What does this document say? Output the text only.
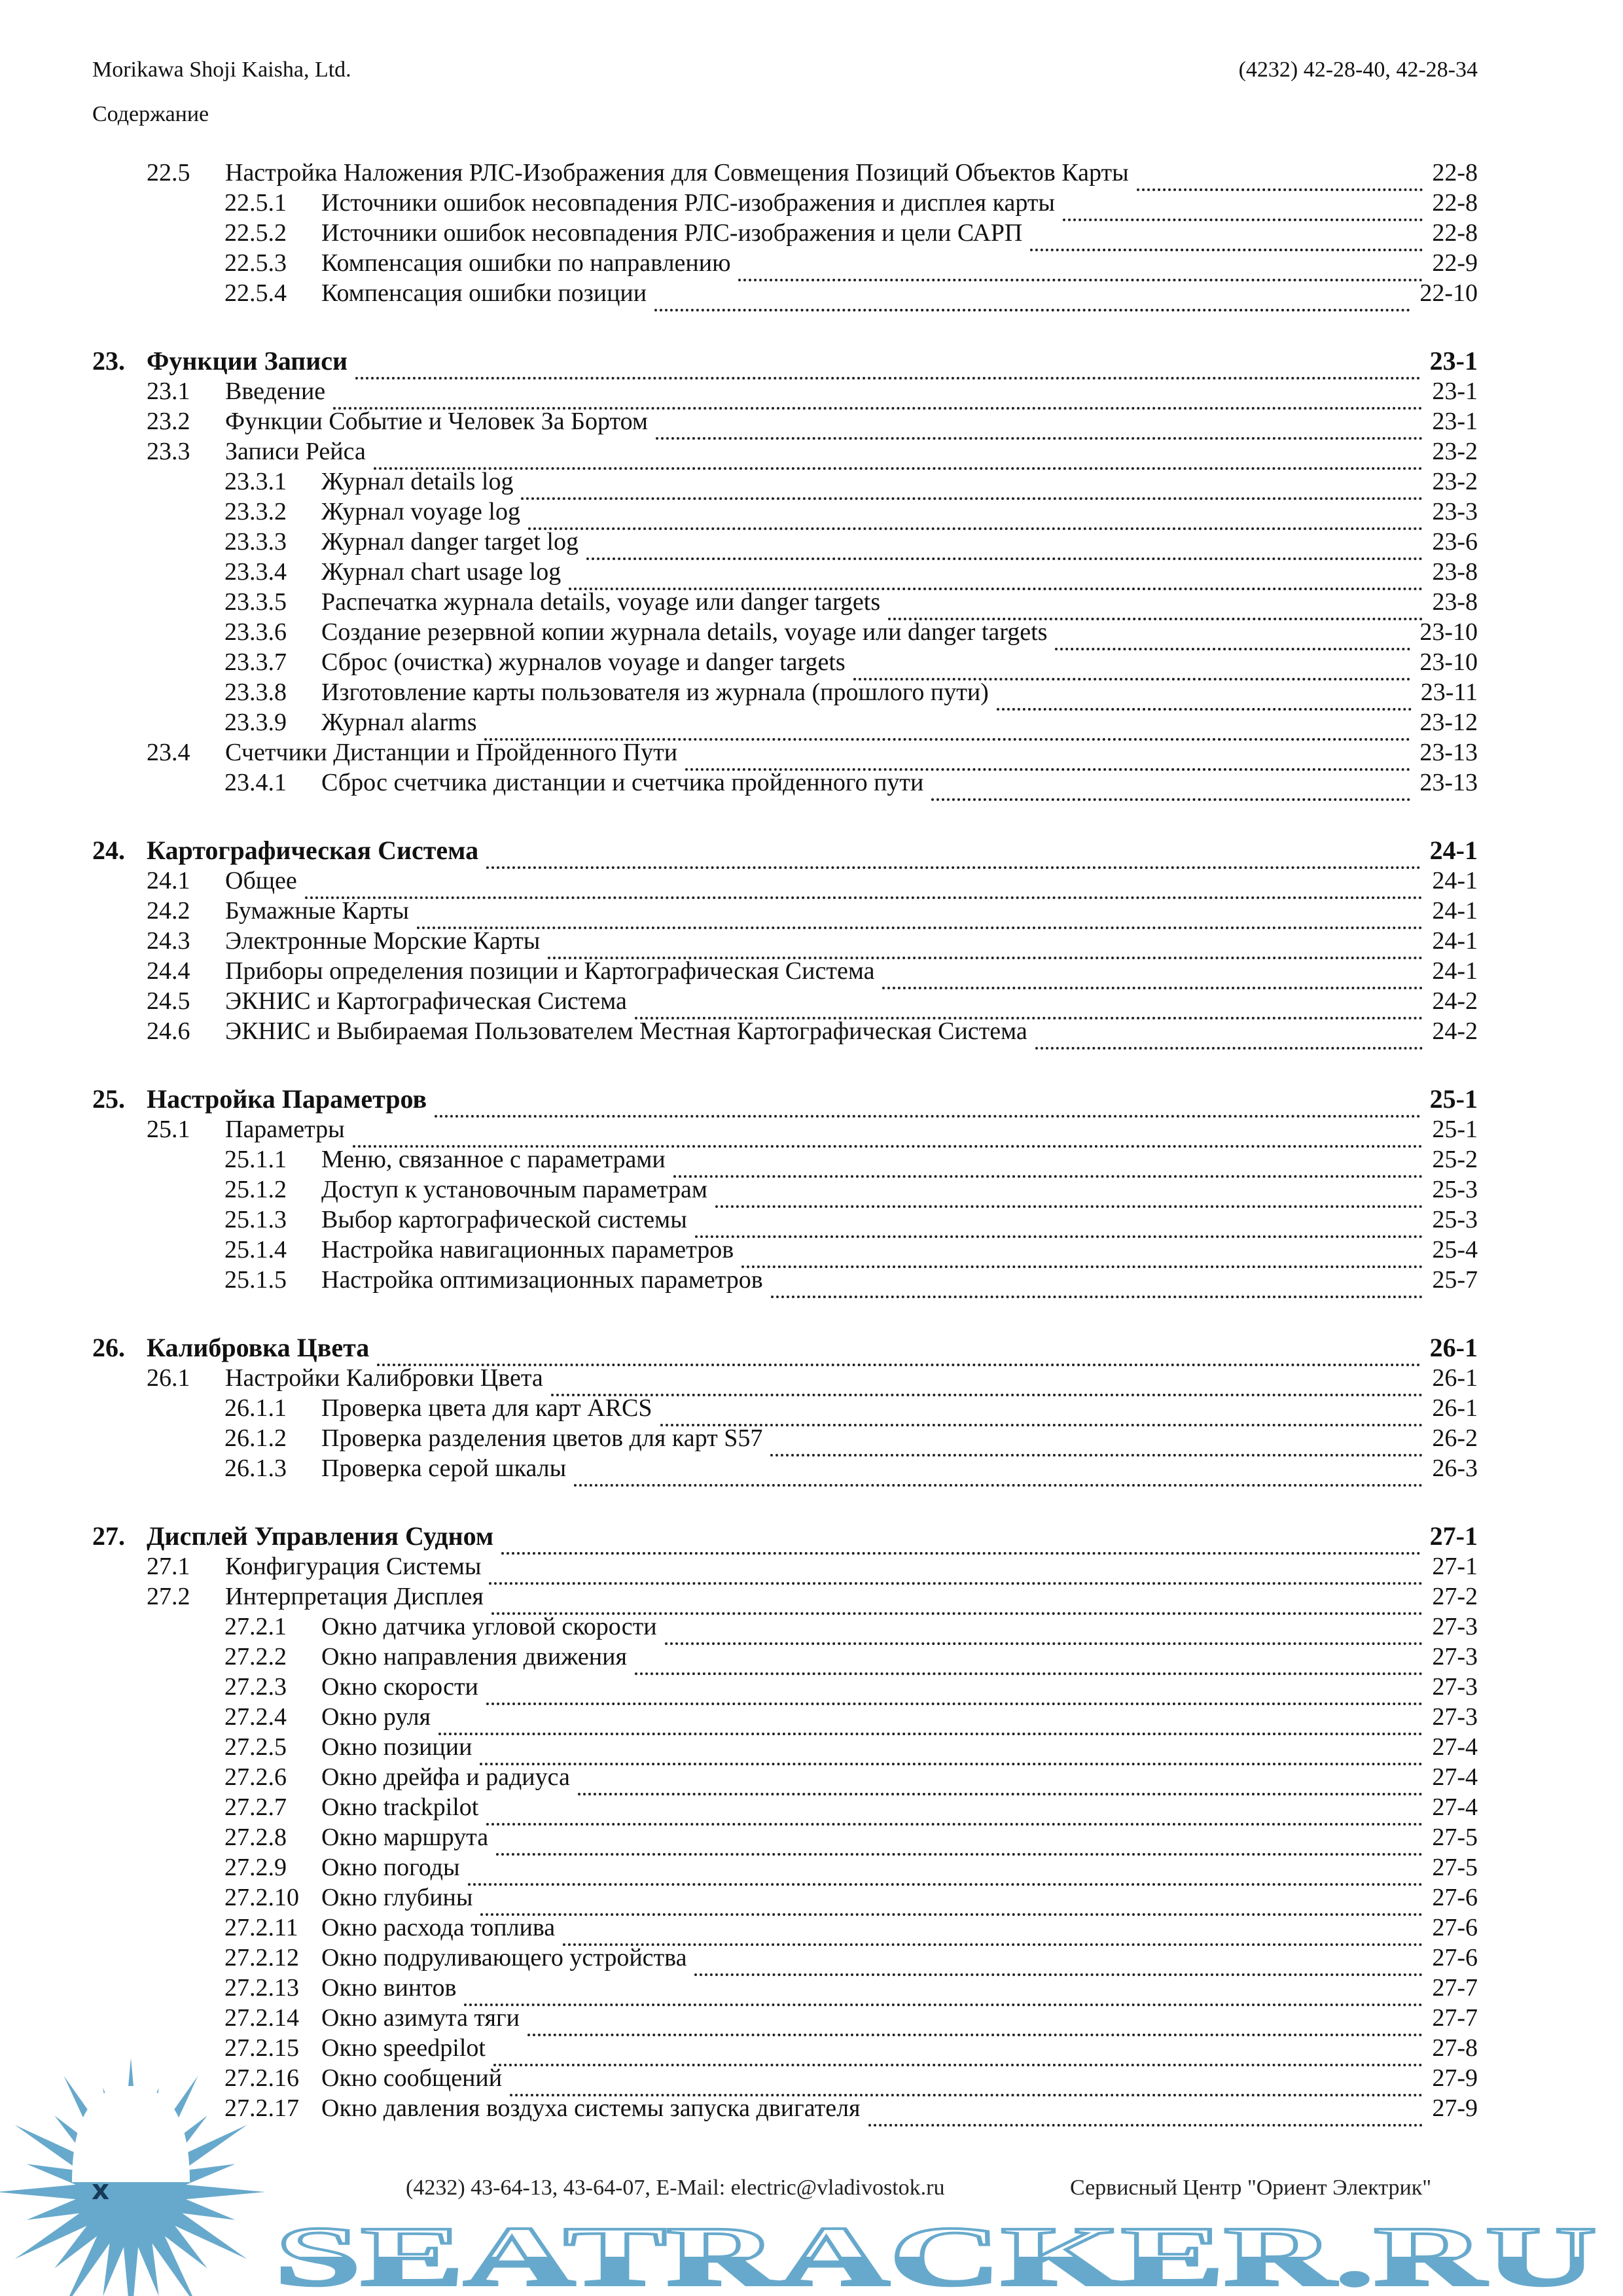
Morikawa Shoji Kaisha, Ltd.	(4232) 42-28-40, 42-28-34
Содержание
22.5	Настройка Наложения РЛС-Изображения для Совмещения Позиций Объектов Карты	22-8
22.5.1	Источники ошибок несовпадения РЛС-изображения и дисплея карты	22-8
22.5.2	Источники ошибок несовпадения РЛС-изображения и цели САРП	22-8
22.5.3	Компенсация ошибки по направлению	22-9
22.5.4	Компенсация ошибки позиции	22-10
23. Функции Записи	23-1
23.1	Введение	23-1
23.2	Функции Событие и Человек За Бортом	23-1
23.3	Записи Рейса	23-2
23.3.1	Журнал details log	23-2
23.3.2	Журнал voyage log	23-3
23.3.3	Журнал danger target log	23-6
23.3.4	Журнал chart usage log	23-8
23.3.5	Распечатка журнала details, voyage или danger targets	23-8
23.3.6	Создание резервной копии журнала details, voyage или danger targets	23-10
23.3.7	Сброс (очистка) журналов voyage и danger targets	23-10
23.3.8	Изготовление карты пользователя из журнала (прошлого пути)	23-11
23.3.9	Журнал alarms	23-12
23.4	Счетчики Дистанции и Пройденного Пути	23-13
23.4.1	Сброс счетчика дистанции и счетчика пройденного пути	23-13
24. Картографическая Система	24-1
24.1	Общее	24-1
24.2	Бумажные Карты	24-1
24.3	Электронные Морские Карты	24-1
24.4	Приборы определения позиции и Картографическая Система	24-1
24.5	ЭКНИС и Картографическая Система	24-2
24.6	ЭКНИС и Выбираемая Пользователем Местная Картографическая Система	24-2
25. Настройка Параметров	25-1
25.1	Параметры	25-1
25.1.1	Меню, связанное с параметрами	25-2
25.1.2	Доступ к установочным параметрам	25-3
25.1.3	Выбор картографической системы	25-3
25.1.4	Настройка навигационных параметров	25-4
25.1.5	Настройка оптимизационных параметров	25-7
26. Калибровка Цвета	26-1
26.1	Настройки Калибровки Цвета	26-1
26.1.1	Проверка цвета для карт ARCS	26-1
26.1.2	Проверка разделения цветов для карт S57	26-2
26.1.3	Проверка серой шкалы	26-3
27. Дисплей Управления Судном	27-1
27.1	Конфигурация Системы	27-1
27.2	Интерпретация Дисплея	27-2
27.2.1	Окно датчика угловой скорости	27-3
27.2.2	Окно направления движения	27-3
27.2.3	Окно скорости	27-3
27.2.4	Окно руля	27-3
27.2.5	Окно позиции	27-4
27.2.6	Окно дрейфа и радиуса	27-4
27.2.7	Окно trackpilot	27-4
27.2.8	Окно маршрута	27-5
27.2.9	Окно погоды	27-5
27.2.10 Окно глубины	27-6
27.2.11 Окно расхода топлива	27-6
27.2.12 Окно подруливающего устройства	27-6
27.2.13 Окно винтов	27-7
27.2.14 Окно азимута тяги	27-7
27.2.15 Окно speedpilot	27-8
27.2.16 Окно сообщений	27-9
27.2.17 Окно давления воздуха системы запуска двигателя	27-9
SEATRACKER.RU
x	(4232) 43-64-13, 43-64-07, E-Mail: electric@vladivostok.ru	Сервисный Центр "Ориент Электрик"
